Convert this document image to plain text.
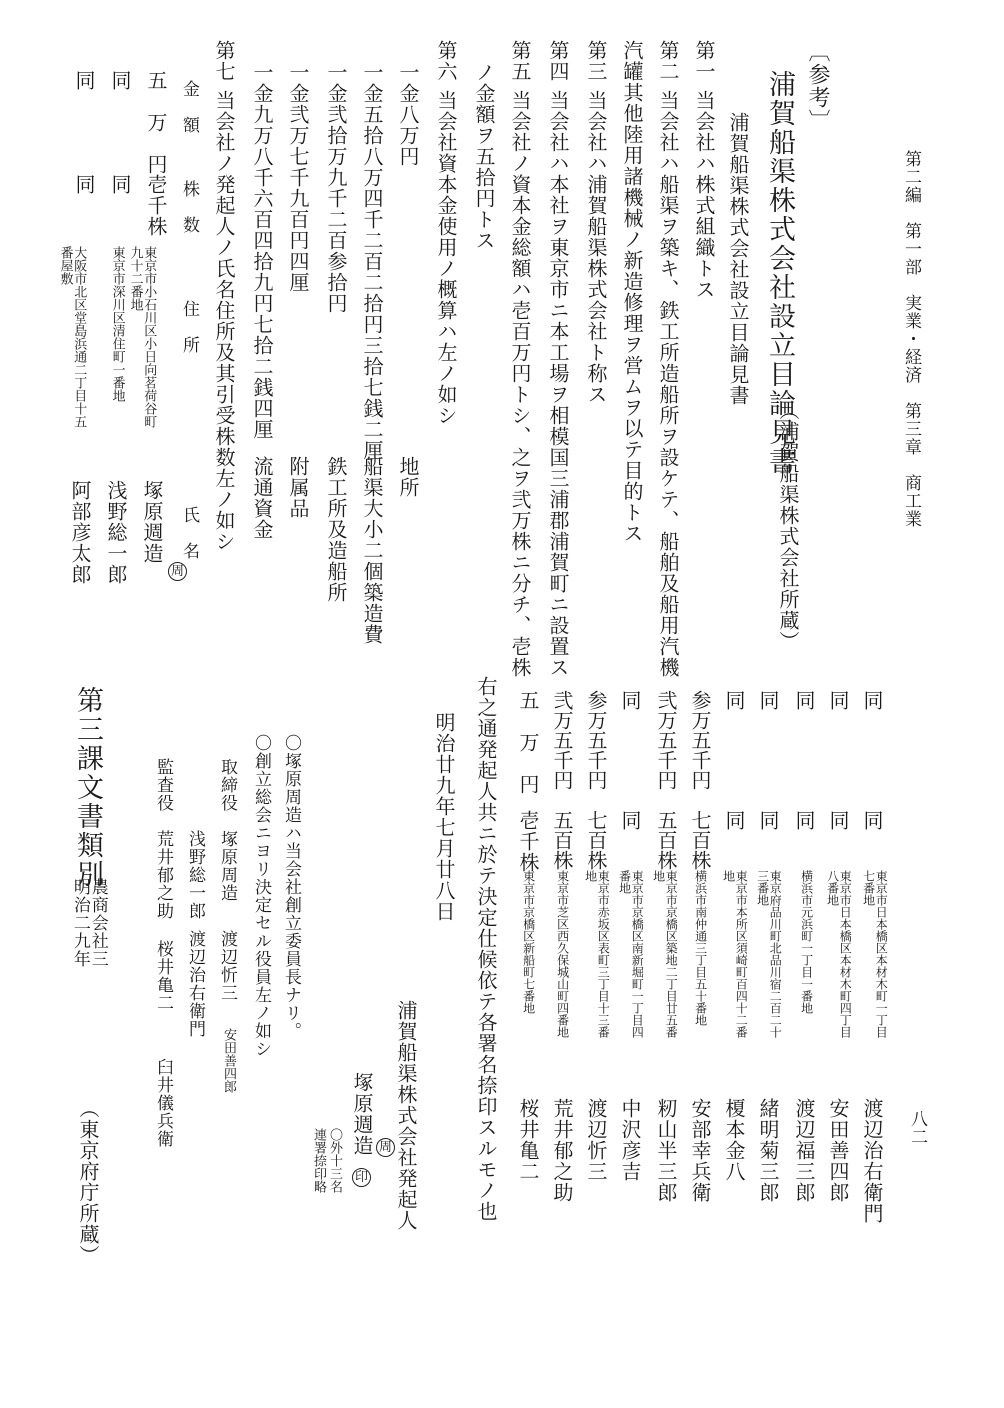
第二編　第一部　実業・経済　第三章　商工業
八二
〔参考〕
浦賀船渠株式会社設立目論見書
（浦賀船渠株式会社所蔵）
浦賀船渠株式会社設立目論見書
第一当会社ハ株式組織トス
第二当会社ハ船渠ヲ築キ、鉄工所造船所ヲ設ケテ、船舶及船用汽機
汽罐其他陸用諸機械ノ新造修理ヲ営ムヲ以テ目的トス
第三当会社ハ浦賀船渠株式会社ト称ス
第四当会社ハ本社ヲ東京市ニ本工場ヲ相模国三浦郡浦賀町ニ設置ス
第五当会社ノ資本金総額ハ壱百万円トシ、之ヲ弐万株ニ分チ、壱株
ノ金額ヲ五拾円トス
第六当会社資本金使用ノ概算ハ左ノ如シ
一金八万円
地所
一金五拾八万四千二百二拾円三拾七銭二厘
船渠大小二個築造費
一金弐拾万九千二百参拾円
鉄工所及造船所
一金弐万七千九百円四厘
附属品
一金九万八千六百四拾九円七拾二銭四厘
流通資金
第七当会社ノ発起人ノ氏名住所及其引受株数左ノ如シ
金　額
株　数
住　所
氏　名
五　万　円
壱千株
東京市小石川区小日向茗荷谷町
九十二番地
塚原週造
周
同
同
東京市深川区清住町一番地
浅野総一郎
同
同
大阪市北区堂島浜通二丁目十五
番屋敷
阿部彦太郎
同
同
東京市日本橋区本材木町一丁目
七番地
渡辺治右衛門
同
同
東京市日本橋区本材木町四丁目
八番地
安田善四郎
同
同
横浜市元浜町一丁目一番地
渡辺福三郎
同
同
東京府品川町北品川宿二百二十
三番地
緒明菊三郎
同
同
東京市本所区須崎町百四十二番
地
榎本金八
参万五千円
七百株
横浜市南仲通三丁目五十番地
安部幸兵衛
弐万五千円
五百株
東京市京橋区築地二丁目廿五番
地
籾山半三郎
同
同
東京市京橋区南新堀町一丁目四
番地
中沢彦吉
参万五千円
七百株
東京市赤坂区表町三丁目十三番
地
渡辺忻三
弐万五千円
五百株
東京市芝区西久保城山町四番地
荒井郁之助
五　万　円
壱千株
東京市京橋区新船町七番地
桜井亀二
右之通発起人共ニ於テ決定仕候依テ各署名捺印スルモノ也
明治廿九年七月廿八日
浦賀船渠株式会社発起人
塚原週造 周
印
〇外十三名
連署捺印略
〇塚原周造ハ当会社創立委員長ナリ。
〇創立総会ニヨリ決定セル役員左ノ如シ
取締役
塚原周造
渡辺忻三
安田善四郎
浅野総一郎
渡辺治右衛門
監査役
荒井郁之助
桜井亀二
臼井儀兵衛
第三課文書類別
農商会社三
明治二九年
（東京府庁所蔵）
